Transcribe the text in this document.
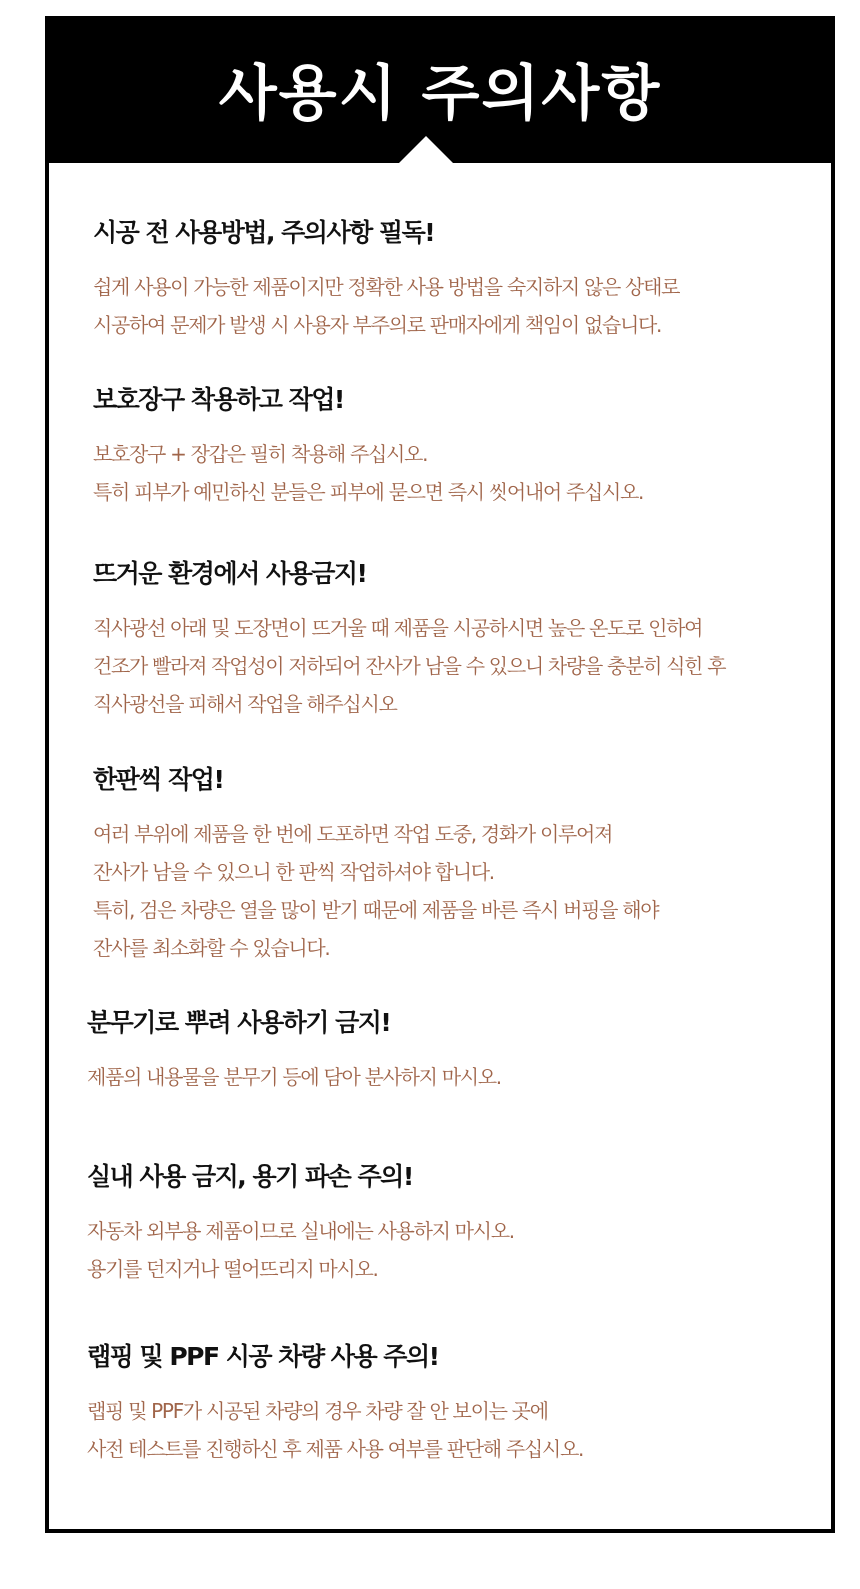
사용시 주의사항
시공 전 사용방법, 주의사항 필독!
쉽게 사용이 가능한 제품이지만 정확한 사용 방법을 숙지하지 않은 상태로
시공하여 문제가 발생 시 사용자 부주의로 판매자에게 책임이 없습니다.
보호장구 착용하고 작업!
보호장구 + 장갑은 필히 착용해 주십시오.
특히 피부가 예민하신 분들은 피부에 묻으면 즉시 씻어내어 주십시오.
뜨거운 환경에서 사용금지!
직사광선 아래 및 도장면이 뜨거울 때 제품을 시공하시면 높은 온도로 인하여
건조가 빨라져 작업성이 저하되어 잔사가 남을 수 있으니 차량을 충분히 식힌 후
직사광선을 피해서 작업을 해주십시오
한판씩 작업!
여러 부위에 제품을 한 번에 도포하면 작업 도중, 경화가 이루어져
잔사가 남을 수 있으니 한 판씩 작업하셔야 합니다.
특히, 검은 차량은 열을 많이 받기 때문에 제품을 바른 즉시 버핑을 해야
잔사를 최소화할 수 있습니다.
분무기로 뿌려 사용하기 금지!
제품의 내용물을 분무기 등에 담아 분사하지 마시오.
실내 사용 금지, 용기 파손 주의!
자동차 외부용 제품이므로 실내에는 사용하지 마시오.
용기를 던지거나 떨어뜨리지 마시오.
랩핑 및 PPF 시공 차량 사용 주의!
랩핑 및 PPF가 시공된 차량의 경우 차량 잘 안 보이는 곳에
사전 테스트를 진행하신 후 제품 사용 여부를 판단해 주십시오.
